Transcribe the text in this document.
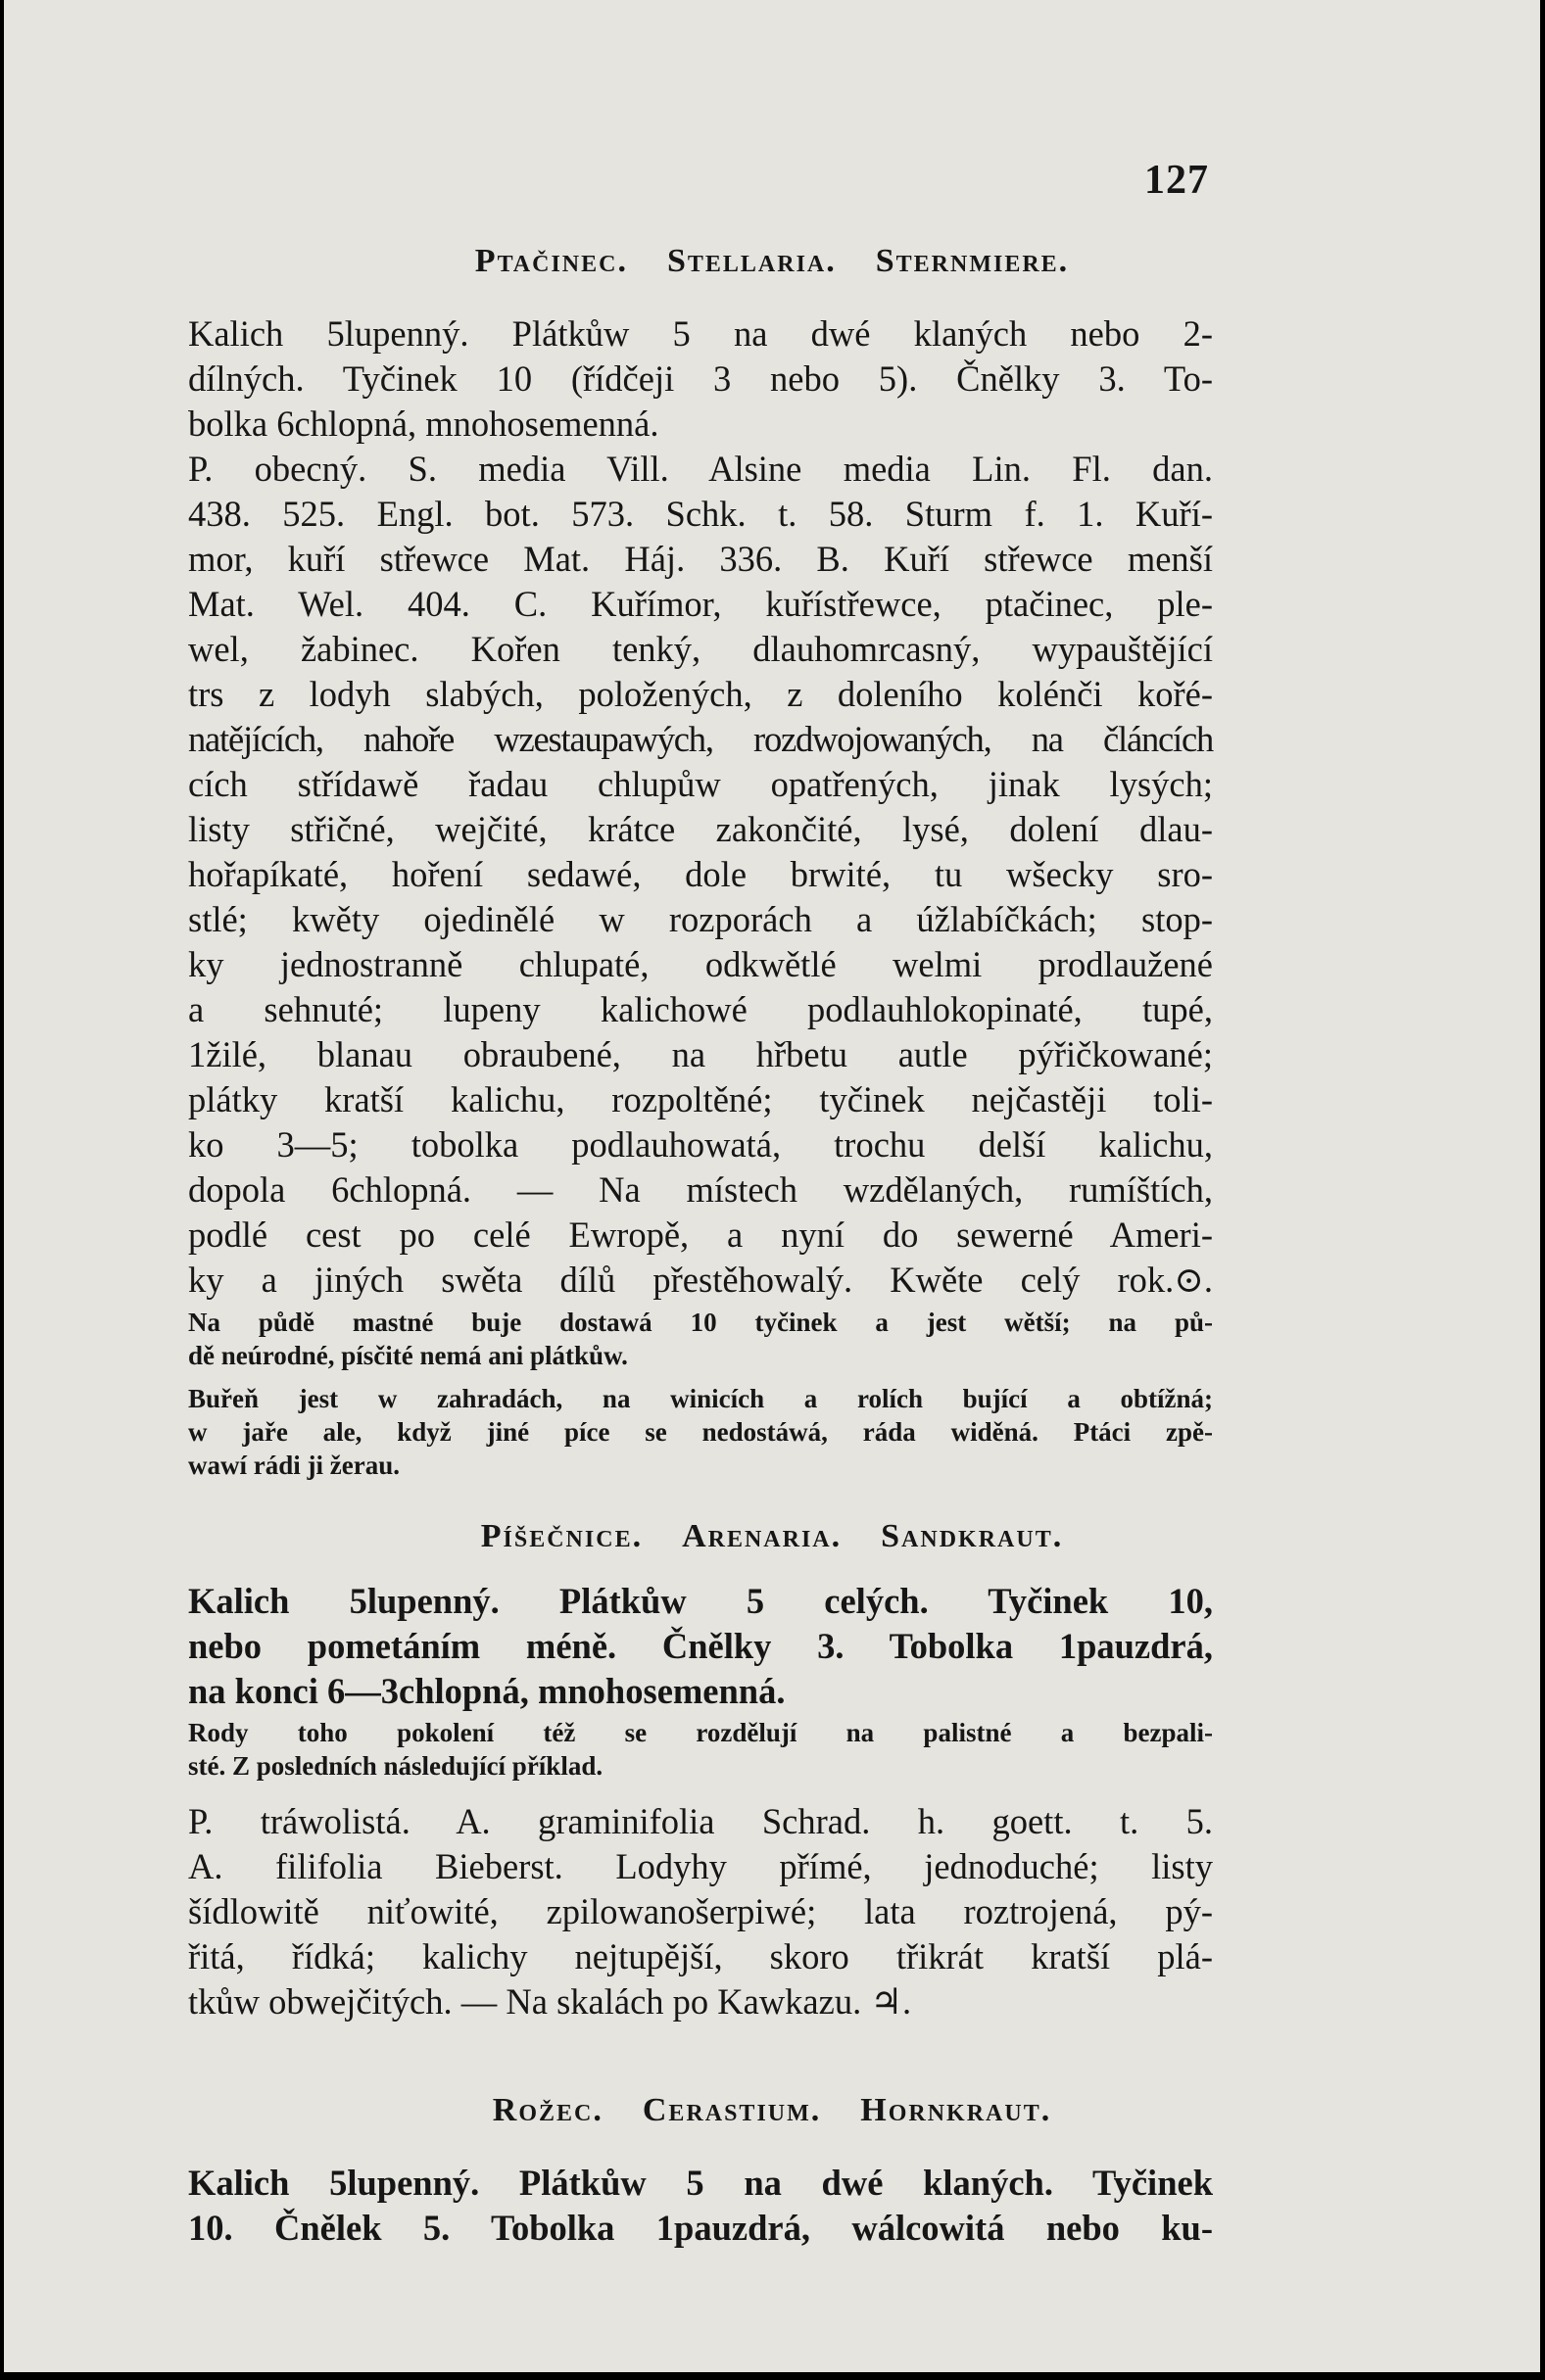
127
Ptačinec. Stellaria. Sternmiere.
Kalich 5lupenný. Plátkůw 5 na dwé klaných nebo 2-
dílných. Tyčinek 10 (řídčeji 3 nebo 5). Čnělky 3. To-
bolka 6chlopná, mnohosemenná.
P. obecný. S. media Vill. Alsine media Lin. Fl. dan.
438. 525. Engl. bot. 573. Schk. t. 58. Sturm f. 1. Kuří-
mor, kuří střewce Mat. Háj. 336. B. Kuří střewce menší
Mat. Wel. 404. C. Kuřímor, kuřístřewce, ptačinec, ple-
wel, žabinec. Kořen tenký, dlauhomrcasný, wypauštějící
trs z lodyh slabých, položených, z doleního kolénči kořé-
natějících, nahoře wzestaupawých, rozdwojowaných, na článcích
cích střídawě řadau chlupůw opatřených, jinak lysých;
listy střičné, wejčité, krátce zakončité, lysé, dolení dlau-
hořapíkaté, hoření sedawé, dole brwité, tu wšecky sro-
stlé; kwěty ojedinělé w rozporách a úžlabíčkách; stop-
ky jednostranně chlupaté, odkwětlé welmi prodlaužené
a sehnuté; lupeny kalichowé podlauhlokopinaté, tupé,
1žilé, blanau obraubené, na hřbetu autle pýřičkowané;
plátky kratší kalichu, rozpoltěné; tyčinek nejčastěji toli-
ko 3—5; tobolka podlauhowatá, trochu delší kalichu,
dopola 6chlopná. — Na místech wzdělaných, rumíštích,
podlé cest po celé Ewropě, a nyní do sewerné Ameri-
ky a jiných swěta dílů přestěhowalý. Kwěte celý rok.⊙.
Na půdě mastné buje dostawá 10 tyčinek a jest wětší; na pů-
dě neúrodné, písčité nemá ani plátkůw.
Buřeň jest w zahradách, na winicích a rolích bující a obtížná;
w jaře ale, když jiné píce se nedostáwá, ráda widěná. Ptáci zpě-
wawí rádi ji žerau.
Píšečnice. Arenaria. Sandkraut.
Kalich 5lupenný. Plátkůw 5 celých. Tyčinek 10,
nebo pometáním méně. Čnělky 3. Tobolka 1pauzdrá,
na konci 6—3chlopná, mnohosemenná.
Rody toho pokolení též se rozdělují na palistné a bezpali-
sté. Z posledních následující příklad.
P. tráwolistá. A. graminifolia Schrad. h. goett. t. 5.
A. filifolia Bieberst. Lodyhy přímé, jednoduché; listy
šídlowitě niťowité, zpilowanošerpiwé; lata roztrojená, pý-
řitá, řídká; kalichy nejtupější, skoro třikrát kratší plá-
tkůw obwejčitých. — Na skalách po Kawkazu. ♃.
Rožec. Cerastium. Hornkraut.
Kalich 5lupenný. Plátkůw 5 na dwé klaných. Tyčinek
10. Čnělek 5. Tobolka 1pauzdrá, wálcowitá nebo ku-
